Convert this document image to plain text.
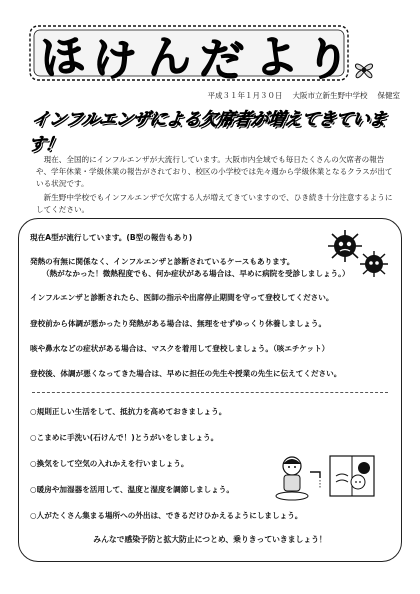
ほ け ん だ よ り
平成３１年１月３０日 大阪市立新生野中学校 保健室
インフルエンザによる欠席者が増えてきています！

　現在、全国的にインフルエンザが大流行しています。大阪市内全域でも毎日たくさんの欠席者の報告や、学年休業・学級休業の報告がされており、校区の小学校では先々週から学級休業となるクラスが出ている状況です。

　新生野中学校でもインフルエンザで欠席する人が増えてきていますので、ひき続き十分注意するようにしてください。

現在A型が流行しています。(B型の報告もあり)
発熱の有無に関係なく、インフルエンザと診断されているケースもあります。
（熱がなかった！微熱程度でも、何か症状がある場合は、早めに病院を受診しましょう。）
インフルエンザと診断されたら、医師の指示や出席停止期間を守って登校してください。
登校前から体調が悪かったり発熱がある場合は、無理をせずゆっくり休養しましょう。
咳や鼻水などの症状がある場合は、マスクを着用して登校しましょう。（咳エチケット）
登校後、体調が悪くなってきた場合は、早めに担任の先生や授業の先生に伝えてください。
○規則正しい生活をして、抵抗力を高めておきましょう。
○こまめに手洗い(石けんで！)とうがいをしましょう。
○換気をして空気の入れかえを行いましょう。
○暖房や加湿器を活用して、温度と湿度を調節しましょう。
○人がたくさん集まる場所への外出は、できるだけひかえるようにしましょう。
みんなで感染予防と拡大防止につとめ、乗りきっていきましょう！
